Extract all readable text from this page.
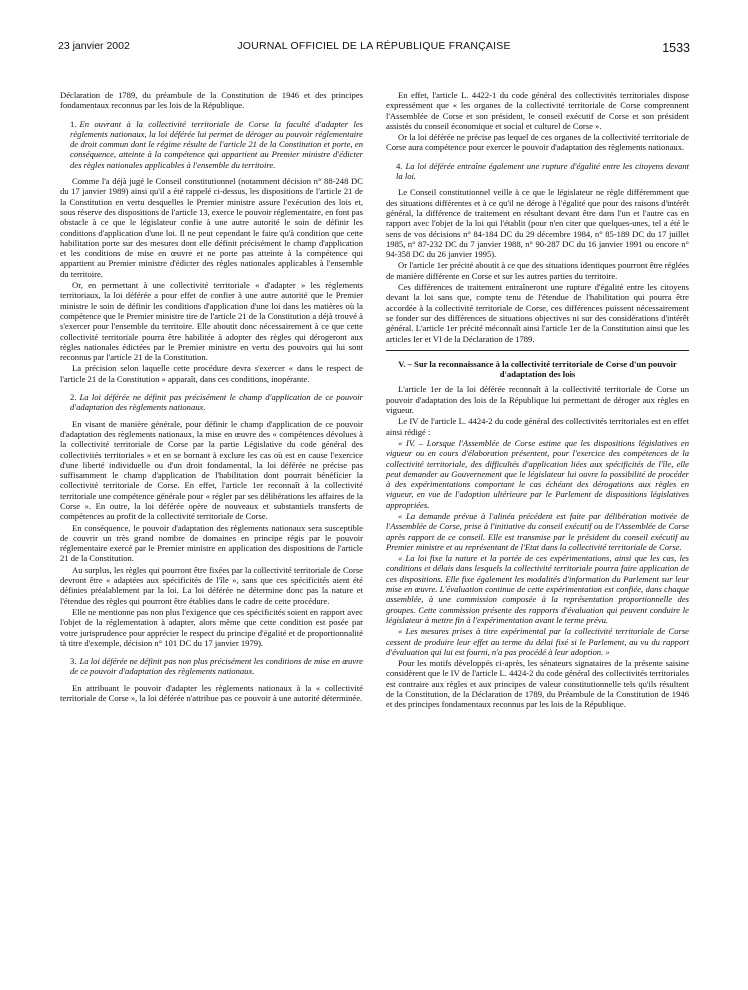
23 janvier 2002	JOURNAL OFFICIEL DE LA RÉPUBLIQUE FRANÇAISE	1533

Déclaration de 1789, du préambule de la Constitution de 1946 et des principes fondamentaux reconnus par les lois de la République.

1. En ouvrant à la collectivité territoriale de Corse la faculté d'adapter les règlements nationaux, la loi déférée lui permet de déroger au pouvoir réglementaire de droit commun dont le régime résulte de l'article 21 de la Constitution et porte, en conséquence, atteinte à la compétence qui appartient au Premier ministre d'édicter des règles nationales applicables à l'ensemble du territoire.

Comme l'a déjà jugé le Conseil constitutionnel (notamment décision n° 88-248 DC du 17 janvier 1989) ainsi qu'il a été rappelé ci-dessus, les dispositions de l'article 21 de la Constitution en vertu desquelles le Premier ministre assure l'exécution des lois et, sous réserve des dispositions de l'article 13, exerce le pouvoir réglementaire, en font pas obstacle à ce que le législateur confie à une autre autorité le soin de définir les conditions d'application d'une loi. Il ne peut cependant le faire qu'à condition que cette habilitation porte sur des mesures dont elle définit précisément le champ d'application et les conditions de mise en œuvre et ne porte pas atteinte à la compétence qui appartient au Premier ministre d'édicter des règles nationales applicables à l'ensemble du territoire.

Or, en permettant à une collectivité territoriale « d'adapter » les règlements territoriaux, la loi déférée a pour effet de confier à une autre autorité que le Premier ministre le soin de définir les conditions d'application d'une loi dans les matières où la compétence que le Premier ministre tire de l'article 21 de la Constitution a déjà trouvé à s'exercer pour l'ensemble du territoire. Elle aboutit donc nécessairement à ce que cette collectivité territoriale pourra être habilitée à adopter des règles qui dérogeront aux règles nationales édictées par le Premier ministre en vertu des pouvoirs qui lui sont reconnus par l'article 21 de la Constitution.

La précision selon laquelle cette procédure devra s'exercer « dans le respect de l'article 21 de la Constitution » apparaît, dans ces conditions, inopérante.

2. La loi déférée ne définit pas précisément le champ d'application de ce pouvoir d'adaptation des règlements nationaux.

En visant de manière générale, pour définir le champ d'application de ce pouvoir d'adaptation des règlements nationaux, la mise en œuvre des « compétences dévolues à la collectivité territoriale de Corse par la partie Législative du code général des collectivités territoriales » et en se bornant à exclure les cas où est en cause l'exercice d'une liberté individuelle ou d'un droit fondamental, la loi déférée ne précise pas suffisamment le champ d'application de l'habilitation dont pourrait bénéficier la collectivité territoriale de Corse. En effet, l'article 1er reconnaît à la collectivité territoriale une compétence générale pour « régler par ses délibérations les affaires de la Corse ». En outre, la loi déférée opère de nouveaux et substantiels transferts de compétences au profit de la collectivité territoriale de Corse.

En conséquence, le pouvoir d'adaptation des règlements nationaux sera susceptible de couvrir un très grand nombre de domaines en principe régis par le pouvoir réglementaire exercé par le Premier ministre en application des dispositions de l'article 21 de la Constitution.

Au surplus, les règles qui pourront être fixées par la collectivité territoriale de Corse devront être « adaptées aux spécificités de l'île », sans que ces spécificités aient été définies préalablement par la loi. La loi déférée ne détermine donc pas la nature et l'étendue des règles qui pourront être établies dans le cadre de cette procédure.

Elle ne mentionne pas non plus l'exigence que ces spécificités soient en rapport avec l'objet de la réglementation à adapter, alors même que cette condition est posée par votre jurisprudence pour apprécier le respect du principe d'égalité et de proportionnalité tà titre d'exemple, décision n° 101 DC du 17 janvier 1979).

3. La loi déférée ne définit pas non plus précisément les conditions de mise en œuvre de ce pouvoir d'adaptation des règlements nationaux.

En attribuant le pouvoir d'adapter les règlements nationaux à la « collectivité territoriale de Corse », la loi déférée n'attribue pas ce pouvoir à une autorité déterminée.

En effet, l'article L. 4422-1 du code général des collectivités territoriales dispose expressément que « les organes de la collectivité territoriale de Corse comprennent l'Assemblée de Corse et son président, le conseil exécutif de Corse et son président assistés du conseil économique et social et culturel de Corse ».

Or la loi déférée ne précise pas lequel de ces organes de la collectivité territoriale de Corse aura compétence pour exercer le pouvoir d'adaptation des règlements nationaux.

4. La loi déférée entraîne également une rupture d'égalité entre les citoyens devant la loi.

Le Conseil constitutionnel veille à ce que le législateur ne règle différemment que des situations différentes et à ce qu'il ne déroge à l'égalité que pour des raisons d'intérêt général, la différence de traitement en résultant devant être dans l'un et l'autre cas en rapport avec l'objet de la loi qui l'établit (pour n'en citer que quelques-unes, tel a été le sens de vos décisions n° 84-184 DC du 29 décembre 1984, n° 85-189 DC du 17 juillet 1985, n° 87-232 DC du 7 janvier 1988, n° 90-287 DC du 16 janvier 1991 ou encore n° 94-358 DC du 26 janvier 1995).

Or l'article 1er précité aboutit à ce que des situations identiques pourront être réglées de manière différente en Corse et sur les autres parties du territoire.

Ces différences de traitement entraîneront une rupture d'égalité entre les citoyens devant la loi sans que, compte tenu de l'étendue de l'habilitation qui pourra être accordée à la collectivité territoriale de Corse, ces différences puissent nécessairement se fonder sur des différences de situations objectives ni sur des considérations d'intérêt général. L'article 1er précité méconnaît ainsi l'article 1er de la Constitution ainsi que les articles Ier et VI de la Déclaration de 1789.

V. – Sur la reconnaissance à la collectivité territoriale de Corse d'un pouvoir d'adaptation des lois

L'article 1er de la loi déférée reconnaît à la collectivité territoriale de Corse un pouvoir d'adaptation des lois de la République lui permettant de déroger aux règles en vigueur.

Le IV de l'article L. 4424-2 du code général des collectivités territoriales est en effet ainsi rédigé :

« IV. – Lorsque l'Assemblée de Corse estime que les dispositions législatives en vigueur ou en cours d'élaboration présentent, pour l'exercice des compétences de la collectivité territoriale, des difficultés d'application liées aux spécificités de l'île, elle peut demander au Gouvernement que le législateur lui ouvre la possibilité de procéder à des expérimentations comportant le cas échéant des dérogations aux règles en vigueur, en vue de l'adoption ultérieure par le Parlement de dispositions législatives appropriées.

« La demande prévue à l'alinéa précédent est faite par délibération motivée de l'Assemblée de Corse, prise à l'initiative du conseil exécutif ou de l'Assemblée de Corse après rapport de ce conseil. Elle est transmise par le président du conseil exécutif au Premier ministre et au représentant de l'Etat dans la collectivité territoriale de Corse.

« La loi fixe la nature et la portée de ces expérimentations, ainsi que les cas, les conditions et délais dans lesquels la collectivité territoriale pourra faire application de ces dispositions. Elle fixe également les modalités d'information du Parlement sur leur mise en œuvre. L'évaluation continue de cette expérimentation est confiée, dans chaque assemblée, à une commission composée à la représentation proportionnelle des groupes. Cette commission présente des rapports d'évaluation qui peuvent conduire le législateur à mettre fin à l'expérimentation avant le terme prévu.

« Les mesures prises à titre expérimental par la collectivité territoriale de Corse cessent de produire leur effet au terme du délai fixé si le Parlement, au vu du rapport d'évaluation qui lui est fourni, n'a pas procédé à leur adoption. »

Pour les motifs développés ci-après, les sénateurs signataires de la présente saisine considèrent que le IV de l'article L. 4424-2 du code général des collectivités territoriales est contraire aux règles et aux principes de valeur constitutionnelle tels qu'ils résultent de la Constitution, de la Déclaration de 1789, du Préambule de la Constitution de 1946 et des principes fondamentaux reconnus par les lois de la République.
